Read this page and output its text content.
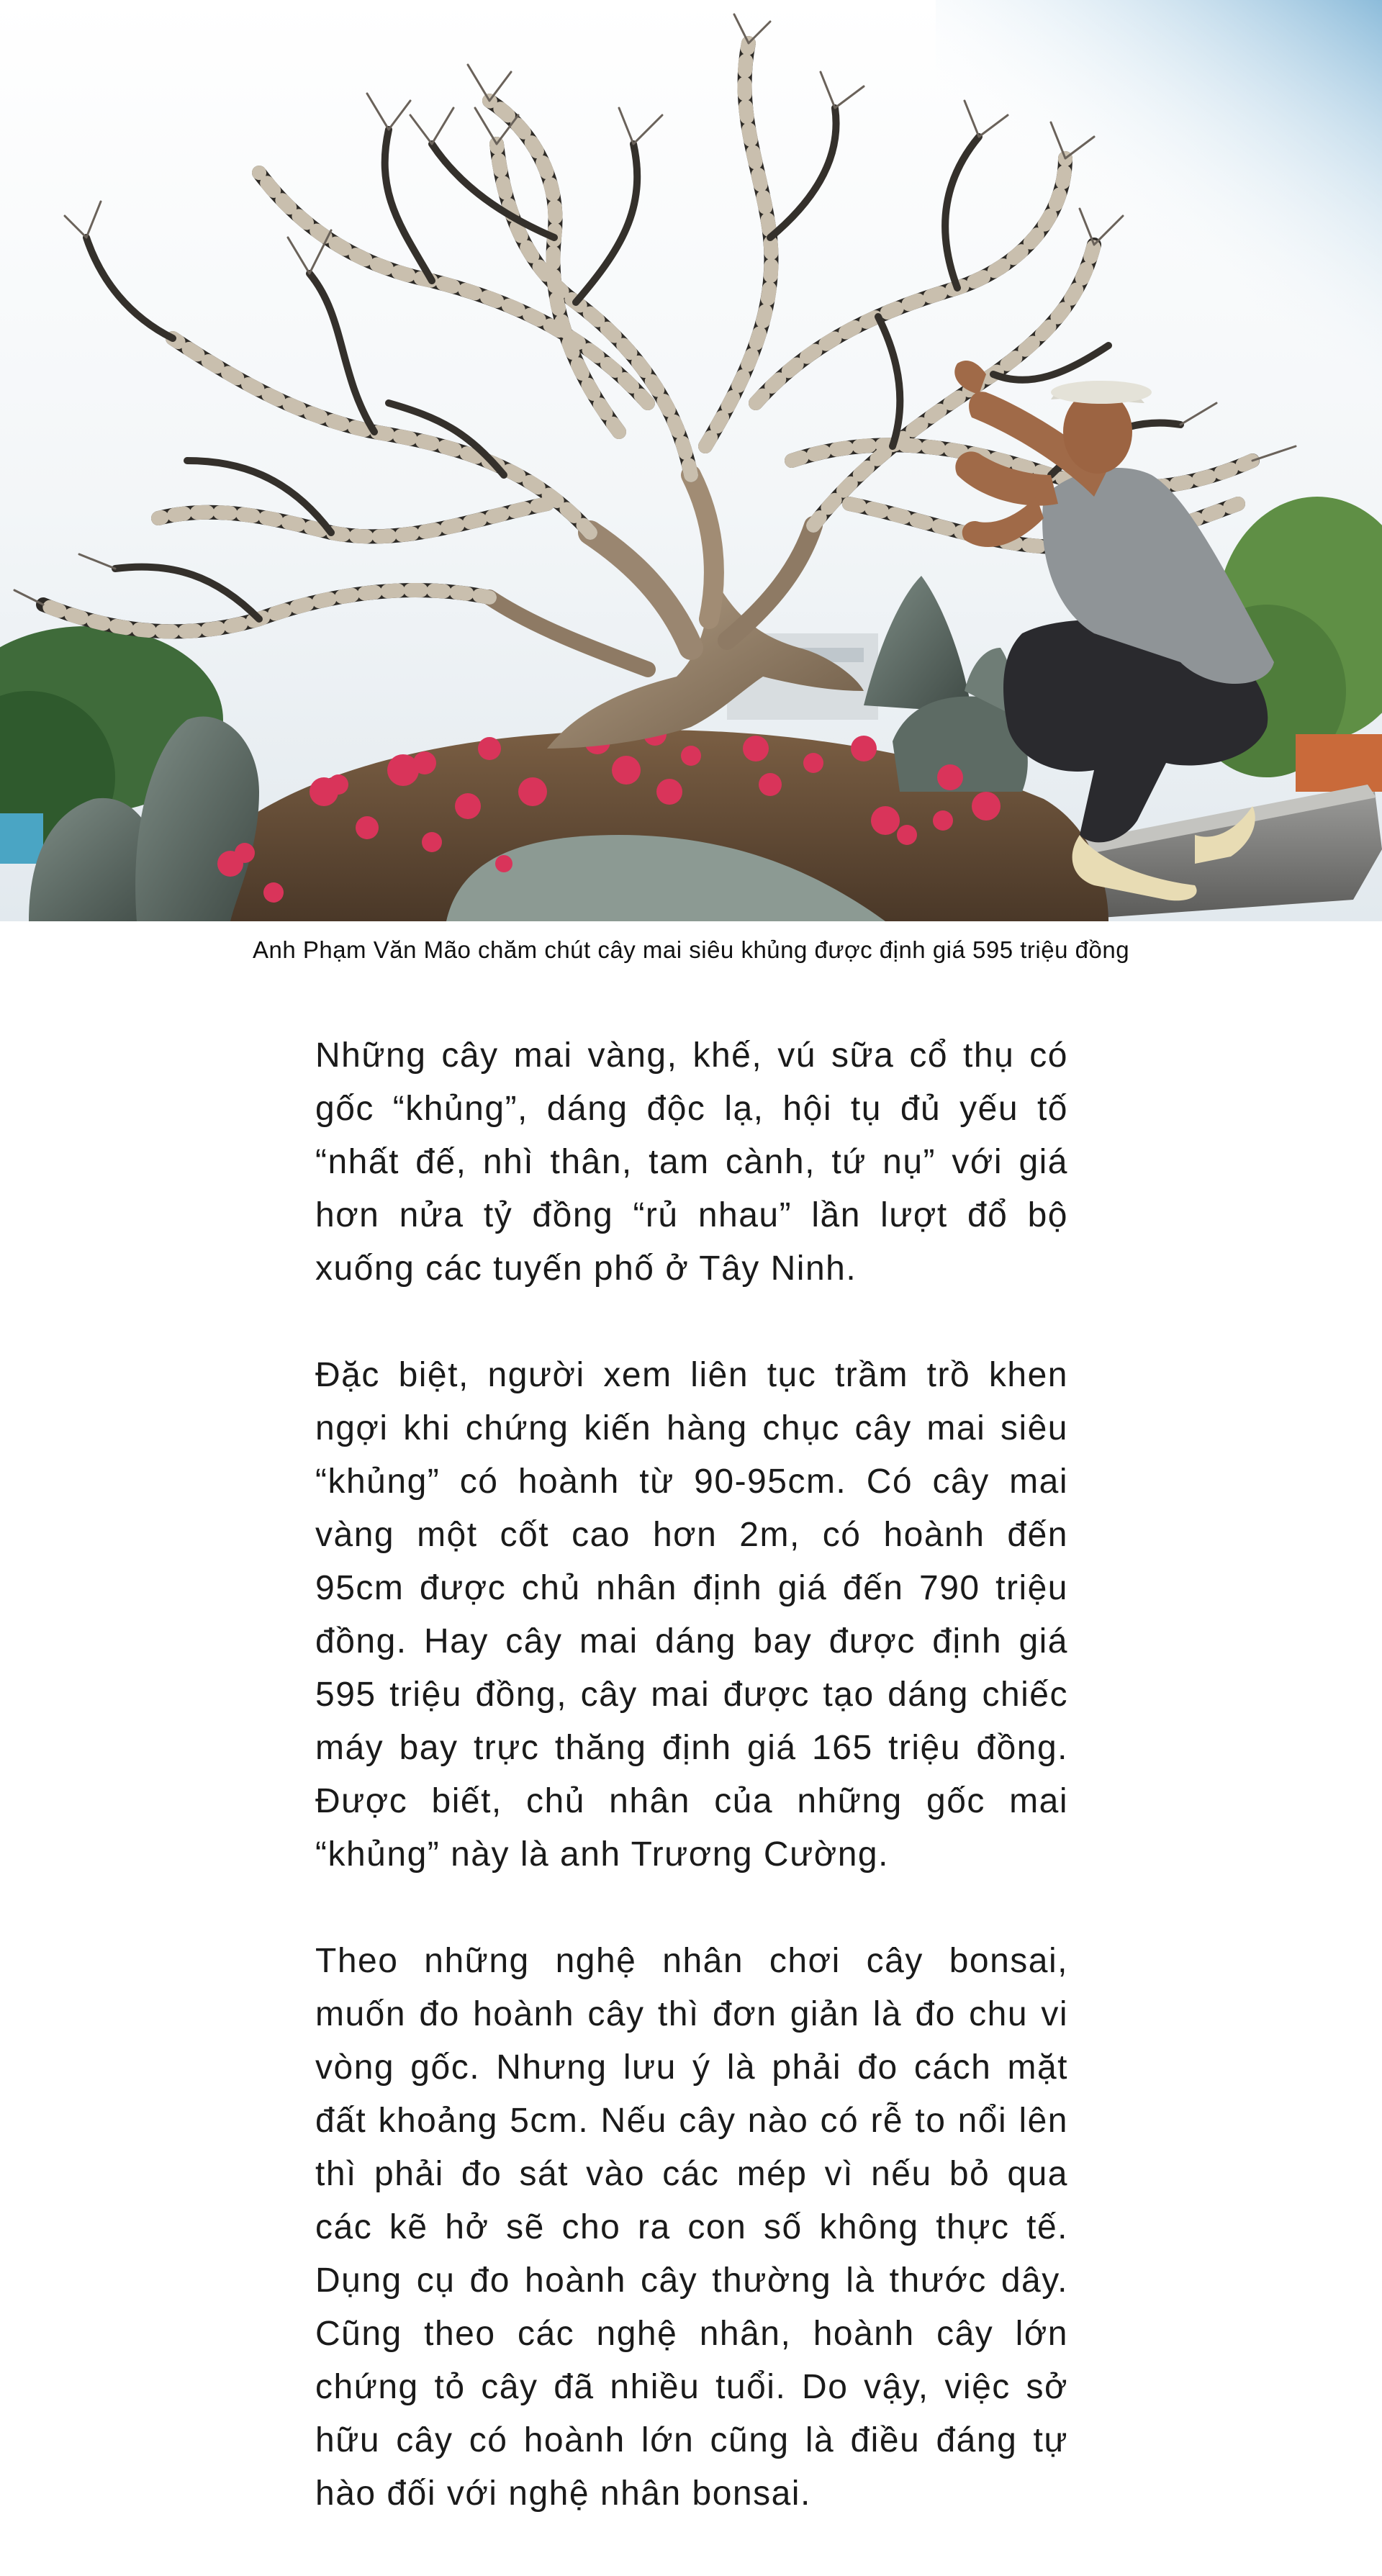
Anh Phạm Văn Mão chăm chút cây mai siêu khủng được định giá 595 triệu đồng

Những cây mai vàng, khế, vú sữa cổ thụ có gốc “khủng”, dáng độc lạ, hội tụ đủ yếu tố “nhất đế, nhì thân, tam cành, tứ nụ” với giá hơn nửa tỷ đồng “rủ nhau” lần lượt đổ bộ xuống các tuyến phố ở Tây Ninh.

Đặc biệt, người xem liên tục trầm trồ khen ngợi khi chứng kiến hàng chục cây mai siêu “khủng” có hoành từ 90-95cm. Có cây mai vàng một cốt cao hơn 2m, có hoành đến 95cm được chủ nhân định giá đến 790 triệu đồng. Hay cây mai dáng bay được định giá 595 triệu đồng, cây mai được tạo dáng chiếc máy bay trực thăng định giá 165 triệu đồng. Được biết, chủ nhân của những gốc mai “khủng” này là anh Trương Cường.

Theo những nghệ nhân chơi cây bonsai, muốn đo hoành cây thì đơn giản là đo chu vi vòng gốc. Nhưng lưu ý là phải đo cách mặt đất khoảng 5cm. Nếu cây nào có rễ to nổi lên thì phải đo sát vào các mép vì nếu bỏ qua các kẽ hở sẽ cho ra con số không thực tế. Dụng cụ đo hoành cây thường là thước dây. Cũng theo các nghệ nhân, hoành cây lớn chứng tỏ cây đã nhiều tuổi. Do vậy, việc sở hữu cây có hoành lớn cũng là điều đáng tự hào đối với nghệ nhân bonsai.
